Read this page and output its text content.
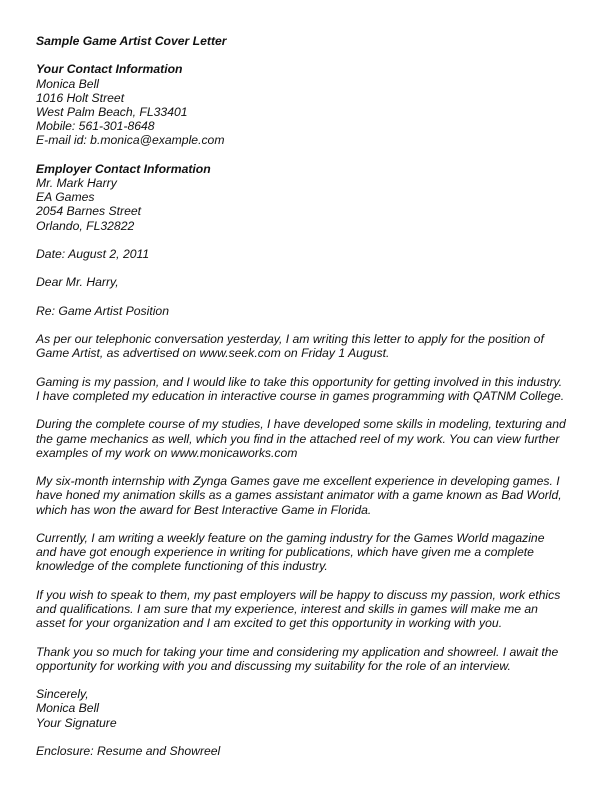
Sample Game Artist Cover Letter

Your Contact Information

Monica Bell

1016 Holt Street

West Palm Beach, FL33401

Mobile: 561-301-8648

E-mail id: b.monica@example.com

Employer Contact Information

Mr. Mark Harry

EA Games

2054 Barnes Street

Orlando, FL32822

Date: August 2, 2011

Dear Mr. Harry,

Re: Game Artist Position

As per our telephonic conversation yesterday, I am writing this letter to apply for the position of
Game Artist, as advertised on www.seek.com on Friday 1 August.

Gaming is my passion, and I would like to take this opportunity for getting involved in this industry.
I have completed my education in interactive course in games programming with QATNM College.

During the complete course of my studies, I have developed some skills in modeling, texturing and
the game mechanics as well, which you find in the attached reel of my work. You can view further
examples of my work on www.monicaworks.com

My six-month internship with Zynga Games gave me excellent experience in developing games. I
have honed my animation skills as a games assistant animator with a game known as Bad World,
which has won the award for Best Interactive Game in Florida.

Currently, I am writing a weekly feature on the gaming industry for the Games World magazine
and have got enough experience in writing for publications, which have given me a complete
knowledge of the complete functioning of this industry.

If you wish to speak to them, my past employers will be happy to discuss my passion, work ethics
and qualifications. I am sure that my experience, interest and skills in games will make me an
asset for your organization and I am excited to get this opportunity in working with you.

Thank you so much for taking your time and considering my application and showreel. I await the
opportunity for working with you and discussing my suitability for the role of an interview.

Sincerely,

Monica Bell

Your Signature

Enclosure: Resume and Showreel
